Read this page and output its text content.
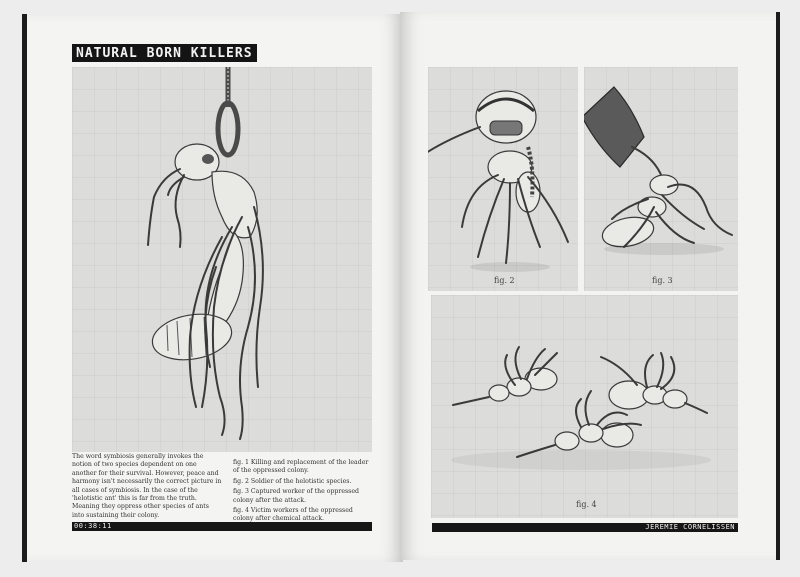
NATURAL BORN KILLERS
The word symbiosis generally invokes the notion of two species dependent on one another for their survival. However, peace and harmony isn't necessarily the correct picture in all cases of symbiosis. In the case of the 'helotistic ant' this is far from the truth. Meaning they oppress other species of ants into sustaining their colony.
fig. 1 Killing and replacement of the leader of the oppressed colony.
fig. 2 Soldier of the helotistic species.
fig. 3 Captured worker of the oppressed colony after the attack.
fig. 4 Victim workers of the oppressed colony after chemical attack.
00:38:11
fig. 2	fig. 3
fig. 4
JEREMIE CORNELISSEN
